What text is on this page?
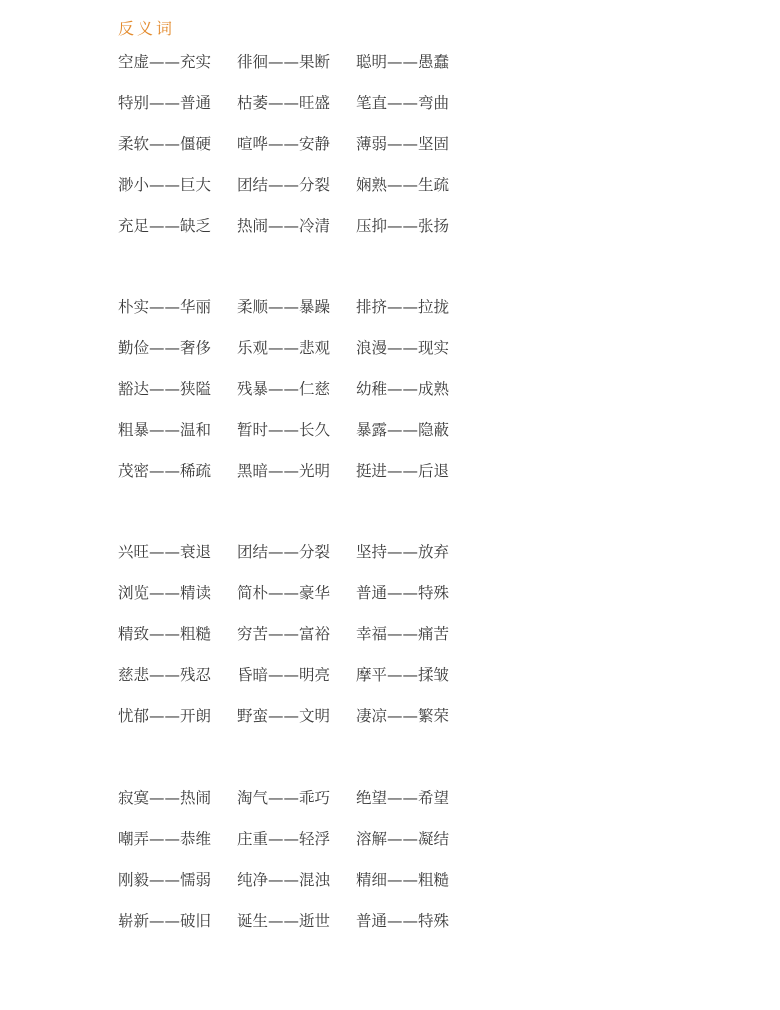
反义词
空虚——充实	徘徊——果断	聪明——愚蠢
特别——普通	枯萎——旺盛	笔直——弯曲
柔软——僵硬	喧哗——安静	薄弱——坚固
渺小——巨大	团结——分裂	娴熟——生疏
充足——缺乏	热闹——冷清	压抑——张扬
朴实——华丽	柔顺——暴躁	排挤——拉拢
勤俭——奢侈	乐观——悲观	浪漫——现实
豁达——狭隘	残暴——仁慈	幼稚——成熟
粗暴——温和	暂时——长久	暴露——隐蔽
茂密——稀疏	黑暗——光明	挺进——后退
兴旺——衰退	团结——分裂	坚持——放弃
浏览——精读	简朴——豪华	普通——特殊
精致——粗糙	穷苦——富裕	幸福——痛苦
慈悲——残忍	昏暗——明亮	摩平——揉皱
忧郁——开朗	野蛮——文明	凄凉——繁荣
寂寞——热闹	淘气——乖巧	绝望——希望
嘲弄——恭维	庄重——轻浮	溶解——凝结
刚毅——懦弱	纯净——混浊	精细——粗糙
崭新——破旧	诞生——逝世	普通——特殊
